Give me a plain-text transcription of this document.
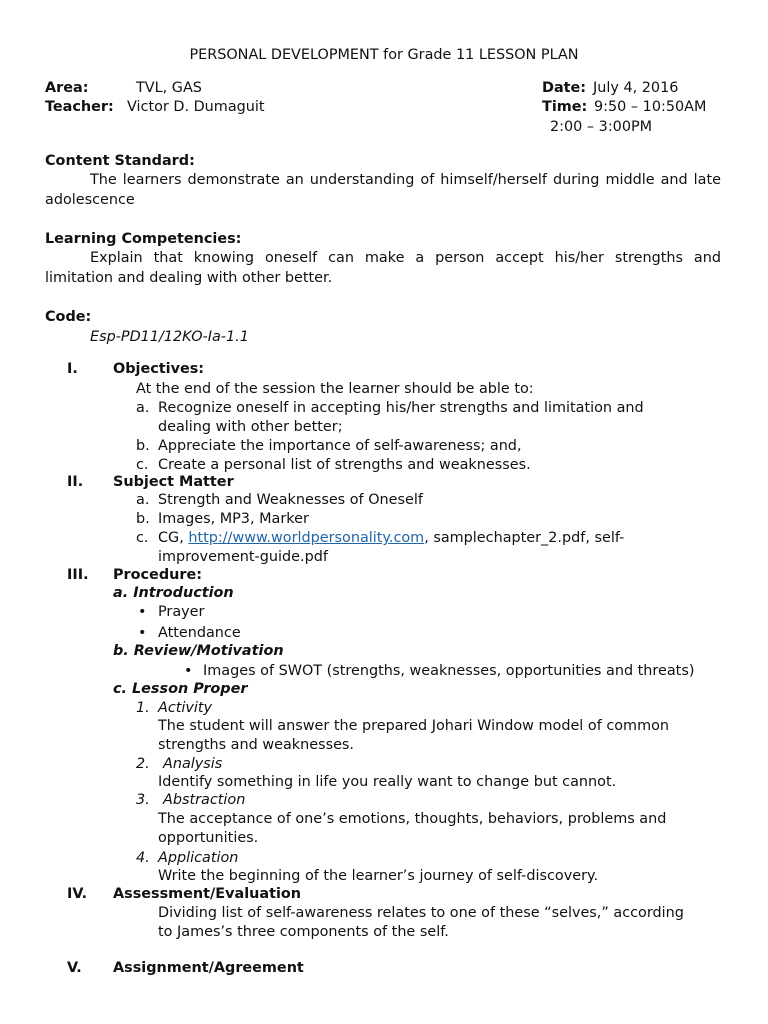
PERSONAL DEVELOPMENT for Grade 11 LESSON PLAN
Area:	TVL, GAS
Teacher: Victor D. Dumaguit
Date: July 4, 2016
Time: 9:50 – 10:50AM
2:00 – 3:00PM
Content Standard:
The learners demonstrate an understanding of himself/herself during middle and late adolescence
Learning Competencies:
Explain that knowing oneself can make a person accept his/her strengths and limitation and dealing with other better.
Code:
Esp-PD11/12KO-Ia-1.1
I. Objectives:
At the end of the session the learner should be able to:
a. Recognize oneself in accepting his/her strengths and limitation and
dealing with other better;
b. Appreciate the importance of self-awareness; and,
c. Create a personal list of strengths and weaknesses.
II. Subject Matter
a. Strength and Weaknesses of Oneself
b. Images, MP3, Marker
c. CG, http://www.worldpersonality.com, samplechapter_2.pdf, self-
improvement-guide.pdf
III. Procedure:
a. Introduction
• Prayer
• Attendance
b. Review/Motivation
• Images of SWOT (strengths, weaknesses, opportunities and threats)
c. Lesson Proper
1. Activity
The student will answer the prepared Johari Window model of common
strengths and weaknesses.
2. Analysis
Identify something in life you really want to change but cannot.
3. Abstraction
The acceptance of one’s emotions, thoughts, behaviors, problems and
opportunities.
4. Application
Write the beginning of the learner’s journey of self-discovery.
IV. Assessment/Evaluation
Dividing list of self-awareness relates to one of these “selves,” according
to James’s three components of the self.
V. Assignment/Agreement
